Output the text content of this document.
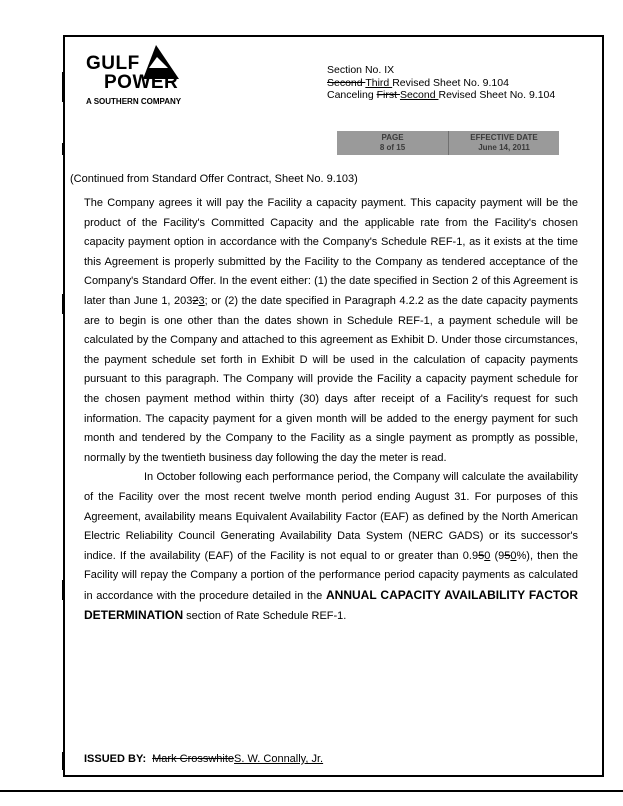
GULF
POWER
A SOUTHERN COMPANY
Section No. IX
Second Third Revised Sheet No. 9.104
Canceling First Second Revised Sheet No. 9.104
PAGE
8 of 15
EFFECTIVE DATE
June 14, 2011
(Continued from Standard Offer Contract, Sheet No. 9.103)

The Company agrees it will pay the Facility a capacity payment. This capacity payment will be the product of the Facility's Committed Capacity and the applicable rate from the Facility's chosen capacity payment option in accordance with the Company's Schedule REF-1, as it exists at the time this Agreement is properly submitted by the Facility to the Company as tendered acceptance of the Company's Standard Offer. In the event either: (1) the date specified in Section 2 of this Agreement is later than June 1, 20323; or (2) the date specified in Paragraph 4.2.2 as the date capacity payments are to begin is one other than the dates shown in Schedule REF-1, a payment schedule will be calculated by the Company and attached to this agreement as Exhibit D. Under those circumstances, the payment schedule set forth in Exhibit D will be used in the calculation of capacity payments pursuant to this paragraph. The Company will provide the Facility a capacity payment schedule for the chosen payment method within thirty (30) days after receipt of a Facility's request for such information. The capacity payment for a given month will be added to the energy payment for such month and tendered by the Company to the Facility as a single payment as promptly as possible, normally by the twentieth business day following the day the meter is read.

In October following each performance period, the Company will calculate the availability of the Facility over the most recent twelve month period ending August 31. For purposes of this Agreement, availability means Equivalent Availability Factor (EAF) as defined by the North American Electric Reliability Council Generating Availability Data System (NERC GADS) or its successor's indice. If the availability (EAF) of the Facility is not equal to or greater than 0.950 (950%), then the Facility will repay the Company a portion of the performance period capacity payments as calculated in accordance with the procedure detailed in the ANNUAL CAPACITY AVAILABILITY FACTOR DETERMINATION section of Rate Schedule REF-1.

ISSUED BY: Mark CrosswhiteS. W. Connally, Jr.
